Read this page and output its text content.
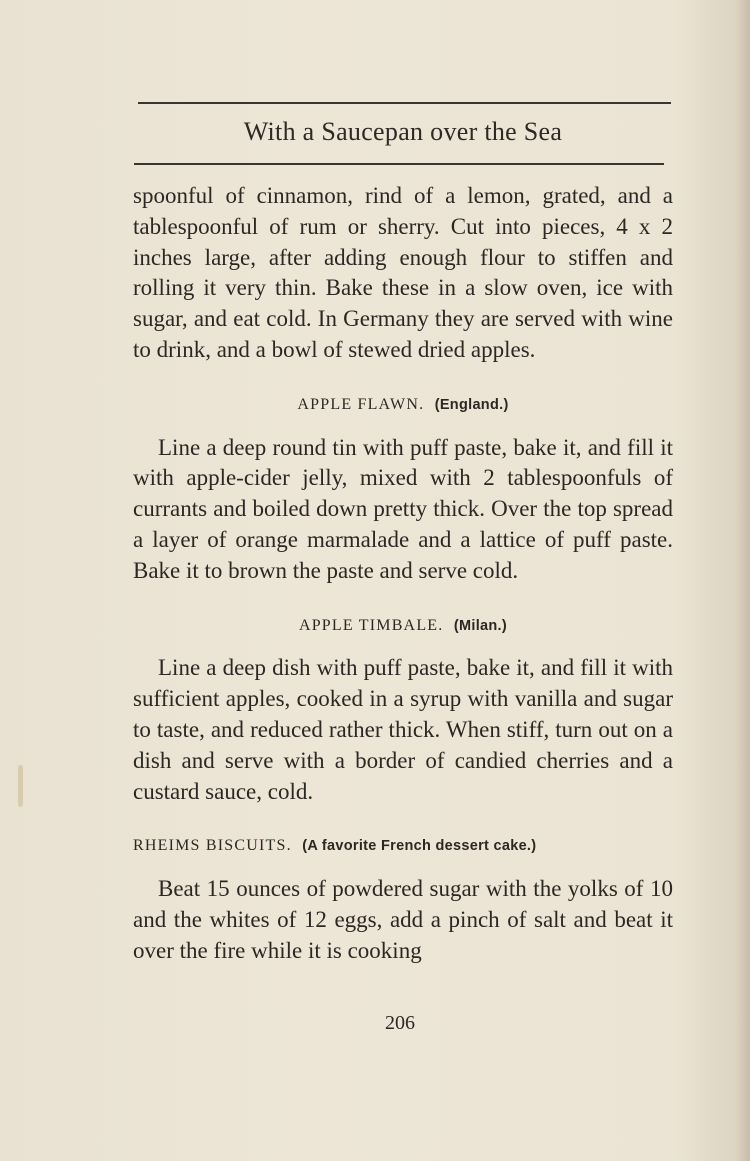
With a Saucepan over the Sea

spoonful of cinnamon, rind of a lemon, grated, and a tablespoonful of rum or sherry. Cut into pieces, 4 x 2 inches large, after adding enough flour to stiffen and rolling it very thin. Bake these in a slow oven, ice with sugar, and eat cold. In Germany they are served with wine to drink, and a bowl of stewed dried apples.

APPLE FLAWN. (England.)

Line a deep round tin with puff paste, bake it, and fill it with apple-cider jelly, mixed with 2 tablespoonfuls of currants and boiled down pretty thick. Over the top spread a layer of orange marmalade and a lattice of puff paste. Bake it to brown the paste and serve cold.

APPLE TIMBALE. (Milan.)

Line a deep dish with puff paste, bake it, and fill it with sufficient apples, cooked in a syrup with vanilla and sugar to taste, and reduced rather thick. When stiff, turn out on a dish and serve with a border of candied cherries and a custard sauce, cold.

RHEIMS BISCUITS. (A favorite French dessert cake.)

Beat 15 ounces of powdered sugar with the yolks of 10 and the whites of 12 eggs, add a pinch of salt and beat it over the fire while it is cooking

206
